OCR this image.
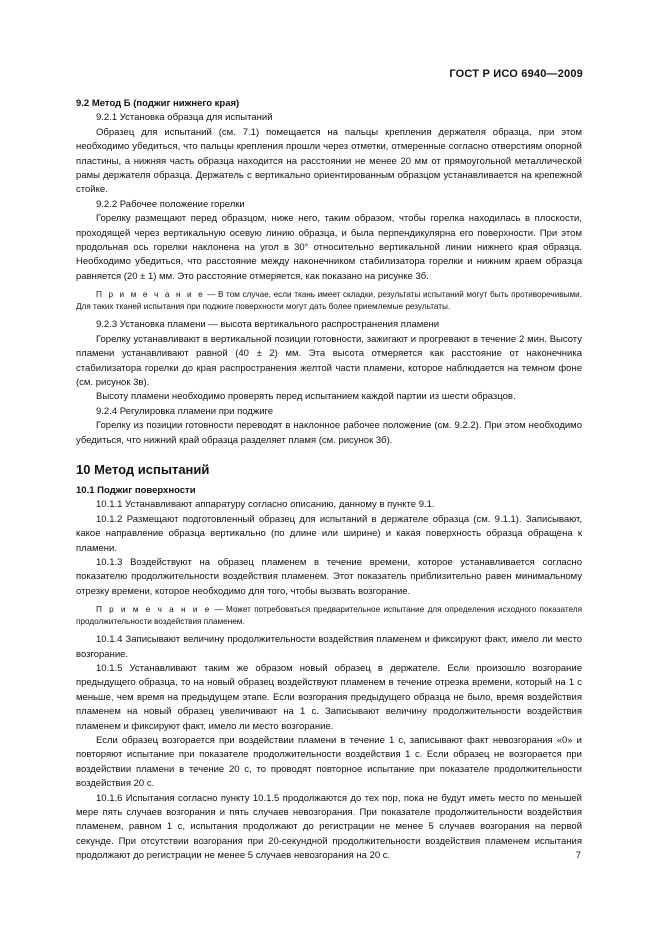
ГОСТ Р ИСО 6940—2009

9.2 Метод Б (поджиг нижнего края)

9.2.1 Установка образца для испытаний

Образец для испытаний (см. 7.1) помещается на пальцы крепления держателя образца, при этом необходимо убедиться, что пальцы крепления прошли через отметки, отмеренные согласно отверстиям опорной пластины, а нижняя часть образца находится на расстоянии не менее 20 мм от прямоугольной металлической рамы держателя образца. Держатель с вертикально ориентированным образцом устанавливается на крепежной стойке.

9.2.2 Рабочее положение горелки

Горелку размещают перед образцом, ниже него, таким образом, чтобы горелка находилась в плоскости, проходящей через вертикальную осевую линию образца, и была перпендикулярна его поверхности. При этом продольная ось горелки наклонена на угол в 30° относительно вертикальной линии нижнего края образца. Необходимо убедиться, что расстояние между наконечником стабилизатора горелки и нижним краем образца равняется (20 ± 1) мм. Это расстояние отмеряется, как показано на рисунке 3б.

П р и м е ч а н и е — В том случае, если ткань имеет складки, результаты испытаний могут быть противоречивыми. Для таких тканей испытания при поджиге поверхности могут дать более приемлемые результаты.

9.2.3 Установка пламени — высота вертикального распространения пламени

Горелку устанавливают в вертикальной позиции готовности, зажигают и прогревают в течение 2 мин. Высоту пламени устанавливают равной (40 ± 2) мм. Эта высота отмеряется как расстояние от наконечника стабилизатора горелки до края распространения желтой части пламени, которое наблюдается на темном фоне (см. рисунок 3в).

Высоту пламени необходимо проверять перед испытанием каждой партии из шести образцов.

9.2.4 Регулировка пламени при поджиге

Горелку из позиции готовности переводят в наклонное рабочее положение (см. 9.2.2). При этом необходимо убедиться, что нижний край образца разделяет пламя (см. рисунок 3б).

10 Метод испытаний

10.1 Поджиг поверхности

10.1.1 Устанавливают аппаратуру согласно описанию, данному в пункте 9.1.

10.1.2 Размещают подготовленный образец для испытаний в держателе образца (см. 9.1.1). Записывают, какое направление образца вертикально (по длине или ширине) и какая поверхность образца обращена к пламени.

10.1.3 Воздействуют на образец пламенем в течение времени, которое устанавливается согласно показателю продолжительности воздействия пламенем. Этот показатель приблизительно равен минимальному отрезку времени, которое необходимо для того, чтобы вызвать возгорание.

П р и м е ч а н и е — Может потребоваться предварительное испытание для определения исходного показателя продолжительности воздействия пламенем.

10.1.4 Записывают величину продолжительности воздействия пламенем и фиксируют факт, имело ли место возгорание.

10.1.5 Устанавливают таким же образом новый образец в держателе. Если произошло возгорание предыдущего образца, то на новый образец воздействуют пламенем в течение отрезка времени, который на 1 с меньше, чем время на предыдущем этапе. Если возгорания предыдущего образца не было, время воздействия пламенем на новый образец увеличивают на 1 с. Записывают величину продолжительности воздействия пламенем и фиксируют факт, имело ли место возгорание.

Если образец возгорается при воздействии пламени в течение 1 с, записывают факт невозгорания «0» и повторяют испытание при показателе продолжительности воздействия 1 с. Если образец не возгорается при воздействии пламени в течение 20 с, то проводят повторное испытание при показателе продолжительности воздействия 20 с.

10.1.6 Испытания согласно пункту 10.1.5 продолжаются до тех пор, пока не будут иметь место по меньшей мере пять случаев возгорания и пять случаев невозгорания. При показателе продолжительности воздействия пламенем, равном 1 с, испытания продолжают до регистрации не менее 5 случаев возгорания на первой секунде. При отсутствии возгорания при 20-секундной продолжительности воздействия пламенем испытания продолжают до регистрации не менее 5 случаев невозгорания на 20 с.	7
